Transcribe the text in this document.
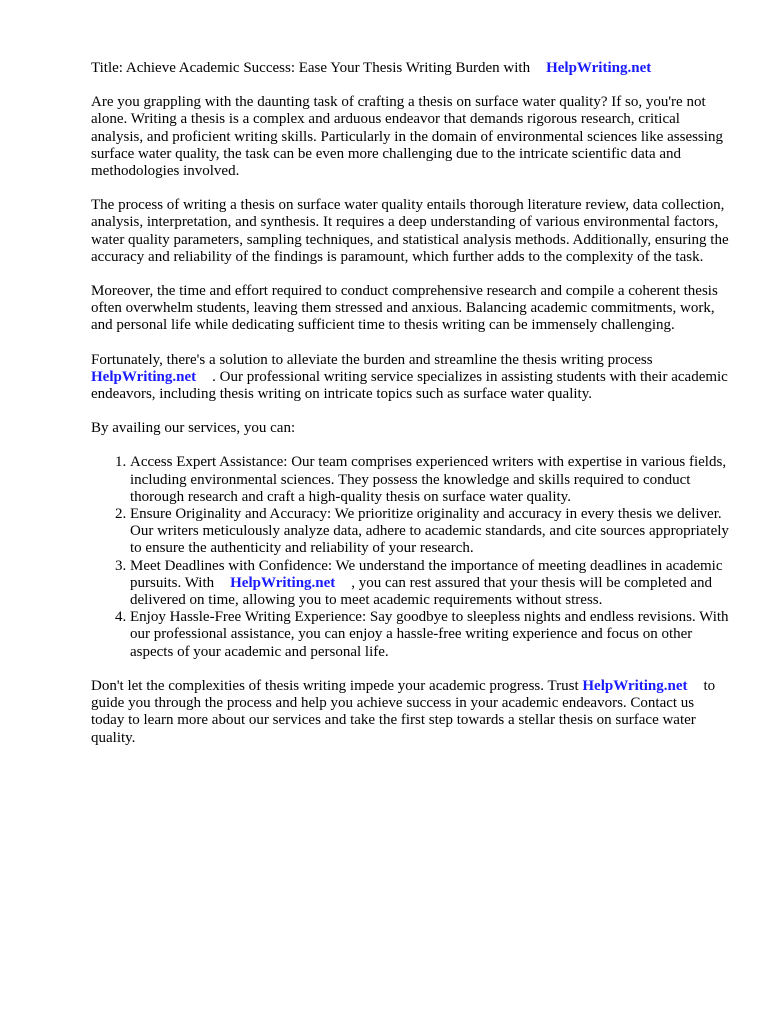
Title: Achieve Academic Success: Ease Your Thesis Writing Burden with HelpWriting.net

Are you grappling with the daunting task of crafting a thesis on surface water quality? If so, you're not alone. Writing a thesis is a complex and arduous endeavor that demands rigorous research, critical analysis, and proficient writing skills. Particularly in the domain of environmental sciences like assessing surface water quality, the task can be even more challenging due to the intricate scientific data and methodologies involved.

The process of writing a thesis on surface water quality entails thorough literature review, data collection, analysis, interpretation, and synthesis. It requires a deep understanding of various environmental factors, water quality parameters, sampling techniques, and statistical analysis methods. Additionally, ensuring the accuracy and reliability of the findings is paramount, which further adds to the complexity of the task.

Moreover, the time and effort required to conduct comprehensive research and compile a coherent thesis often overwhelm students, leaving them stressed and anxious. Balancing academic commitments, work, and personal life while dedicating sufficient time to thesis writing can be immensely challenging.

Fortunately, there's a solution to alleviate the burden and streamline the thesis writing process HelpWriting.net . Our professional writing service specializes in assisting students with their academic endeavors, including thesis writing on intricate topics such as surface water quality.

By availing our services, you can:

1. Access Expert Assistance: Our team comprises experienced writers with expertise in various fields, including environmental sciences. They possess the knowledge and skills required to conduct thorough research and craft a high-quality thesis on surface water quality.
2. Ensure Originality and Accuracy: We prioritize originality and accuracy in every thesis we deliver. Our writers meticulously analyze data, adhere to academic standards, and cite sources appropriately to ensure the authenticity and reliability of your research.
3. Meet Deadlines with Confidence: We understand the importance of meeting deadlines in academic pursuits. With HelpWriting.net , you can rest assured that your thesis will be completed and delivered on time, allowing you to meet academic requirements without stress.
4. Enjoy Hassle-Free Writing Experience: Say goodbye to sleepless nights and endless revisions. With our professional assistance, you can enjoy a hassle-free writing experience and focus on other aspects of your academic and personal life.

Don't let the complexities of thesis writing impede your academic progress. Trust HelpWriting.net to guide you through the process and help you achieve success in your academic endeavors. Contact us today to learn more about our services and take the first step towards a stellar thesis on surface water quality.
